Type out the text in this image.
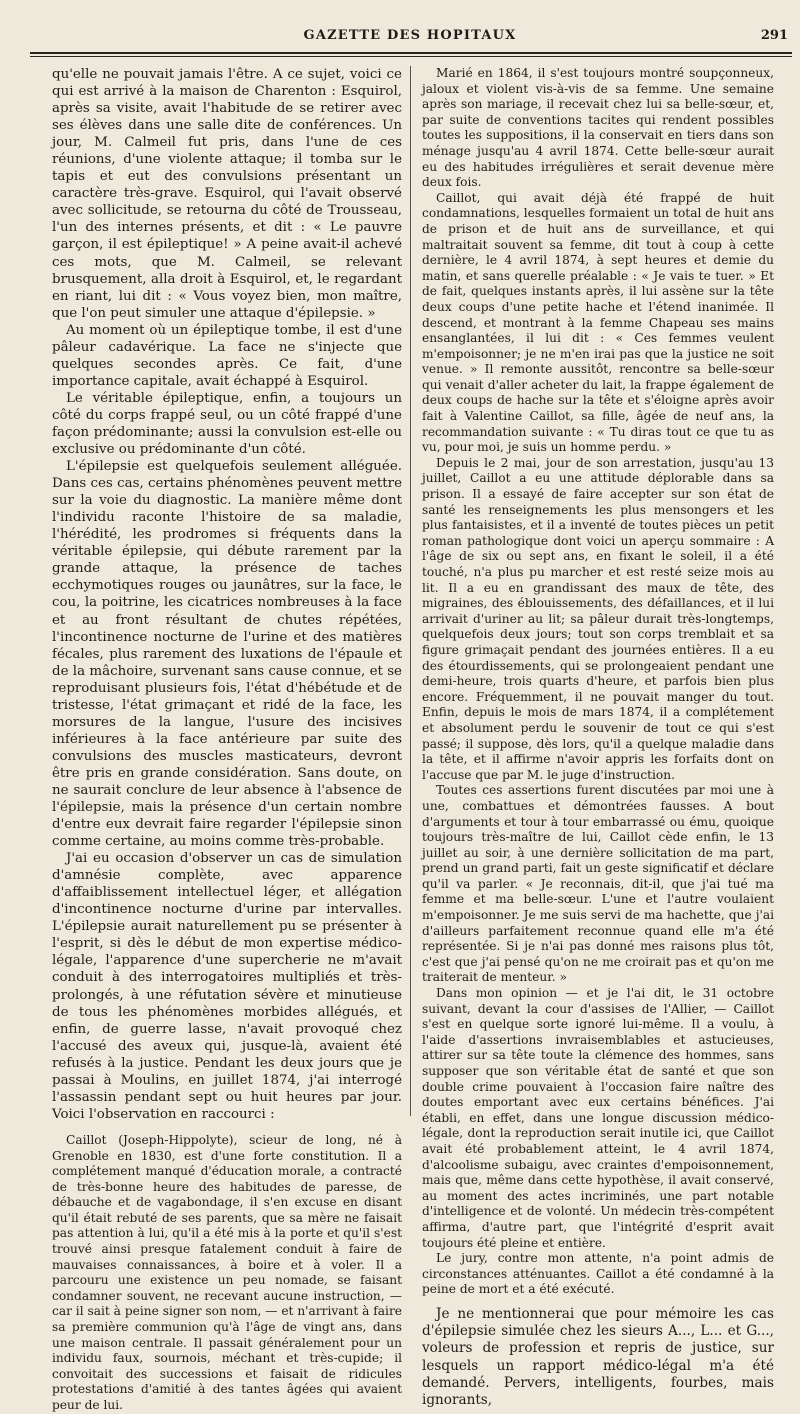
GAZETTE DES HOPITAUX	291

qu'elle ne pouvait jamais l'être. A ce sujet, voici ce qui est arrivé à la maison de Charenton : Esquirol, après sa visite, avait l'habitude de se retirer avec ses élèves dans une salle dite de conférences. Un jour, M. Calmeil fut pris, dans l'une de ces réunions, d'une violente attaque; il tomba sur le tapis et eut des convulsions présentant un caractère très-grave. Esquirol, qui l'avait observé avec sollicitude, se retourna du côté de Trousseau, l'un des internes présents, et dit : « Le pauvre garçon, il est épileptique! » A peine avait-il achevé ces mots, que M. Calmeil, se relevant brusquement, alla droit à Esquirol, et, le regardant en riant, lui dit : « Vous voyez bien, mon maître, que l'on peut simuler une attaque d'épilepsie. »

Au moment où un épileptique tombe, il est d'une pâleur cadavérique. La face ne s'injecte que quelques secondes après. Ce fait, d'une importance capitale, avait échappé à Esquirol.

Le véritable épileptique, enfin, a toujours un côté du corps frappé seul, ou un côté frappé d'une façon prédominante; aussi la convulsion est-elle ou exclusive ou prédominante d'un côté.

L'épilepsie est quelquefois seulement alléguée. Dans ces cas, certains phénomènes peuvent mettre sur la voie du diagnostic. La manière même dont l'individu raconte l'histoire de sa maladie, l'hérédité, les prodromes si fréquents dans la véritable épilepsie, qui débute rarement par la grande attaque, la présence de taches ecchymotiques rouges ou jaunâtres, sur la face, le cou, la poitrine, les cicatrices nombreuses à la face et au front résultant de chutes répétées, l'incontinence nocturne de l'urine et des matières fécales, plus rarement des luxations de l'épaule et de la mâchoire, survenant sans cause connue, et se reproduisant plusieurs fois, l'état d'hébétude et de tristesse, l'état grimaçant et ridé de la face, les morsures de la langue, l'usure des incisives inférieures à la face antérieure par suite des convulsions des muscles masticateurs, devront être pris en grande considération. Sans doute, on ne saurait conclure de leur absence à l'absence de l'épilepsie, mais la présence d'un certain nombre d'entre eux devrait faire regarder l'épilepsie sinon comme certaine, au moins comme très-probable.

J'ai eu occasion d'observer un cas de simulation d'amnésie complète, avec apparence d'affaiblissement intellectuel léger, et allégation d'incontinence nocturne d'urine par intervalles. L'épilepsie aurait naturellement pu se présenter à l'esprit, si dès le début de mon expertise médico-légale, l'apparence d'une supercherie ne m'avait conduit à des interrogatoires multipliés et très-prolongés, à une réfutation sévère et minutieuse de tous les phénomènes morbides allégués, et enfin, de guerre lasse, n'avait provoqué chez l'accusé des aveux qui, jusque-là, avaient été refusés à la justice. Pendant les deux jours que je passai à Moulins, en juillet 1874, j'ai interrogé l'assassin pendant sept ou huit heures par jour. Voici l'observation en raccourci :

Caillot (Joseph-Hippolyte), scieur de long, né à Grenoble en 1830, est d'une forte constitution. Il a complétement manqué d'éducation morale, a contracté de très-bonne heure des habitudes de paresse, de débauche et de vagabondage, il s'en excuse en disant qu'il était rebuté de ses parents, que sa mère ne faisait pas attention à lui, qu'il a été mis à la porte et qu'il s'est trouvé ainsi presque fatalement conduit à faire de mauvaises connaissances, à boire et à voler. Il a parcouru une existence un peu nomade, se faisant condamner souvent, ne recevant aucune instruction, — car il sait à peine signer son nom, — et n'arrivant à faire sa première communion qu'à l'âge de vingt ans, dans une maison centrale. Il passait généralement pour un individu faux, sournois, méchant et très-cupide; il convoitait des successions et faisait de ridicules protestations d'amitié à des tantes âgées qui avaient peur de lui.

Marié en 1864, il s'est toujours montré soupçonneux, jaloux et violent vis-à-vis de sa femme. Une semaine après son mariage, il recevait chez lui sa belle-sœur, et, par suite de conventions tacites qui rendent possibles toutes les suppositions, il la conservait en tiers dans son ménage jusqu'au 4 avril 1874. Cette belle-sœur aurait eu des habitudes irrégulières et serait devenue mère deux fois.

Caillot, qui avait déjà été frappé de huit condamnations, lesquelles formaient un total de huit ans de prison et de huit ans de surveillance, et qui maltraitait souvent sa femme, dit tout à coup à cette dernière, le 4 avril 1874, à sept heures et demie du matin, et sans querelle préalable : « Je vais te tuer. » Et de fait, quelques instants après, il lui assène sur la tête deux coups d'une petite hache et l'étend inanimée. Il descend, et montrant à la femme Chapeau ses mains ensanglantées, il lui dit : « Ces femmes veulent m'empoisonner; je ne m'en irai pas que la justice ne soit venue. » Il remonte aussitôt, rencontre sa belle-sœur qui venait d'aller acheter du lait, la frappe également de deux coups de hache sur la tête et s'éloigne après avoir fait à Valentine Caillot, sa fille, âgée de neuf ans, la recommandation suivante : « Tu diras tout ce que tu as vu, pour moi, je suis un homme perdu. »

Depuis le 2 mai, jour de son arrestation, jusqu'au 13 juillet, Caillot a eu une attitude déplorable dans sa prison. Il a essayé de faire accepter sur son état de santé les renseignements les plus mensongers et les plus fantaisistes, et il a inventé de toutes pièces un petit roman pathologique dont voici un aperçu sommaire : A l'âge de six ou sept ans, en fixant le soleil, il a été touché, n'a plus pu marcher et est resté seize mois au lit. Il a eu en grandissant des maux de tête, des migraines, des éblouissements, des défaillances, et il lui arrivait d'uriner au lit; sa pâleur durait très-longtemps, quelquefois deux jours; tout son corps tremblait et sa figure grimaçait pendant des journées entières. Il a eu des étourdissements, qui se prolongeaient pendant une demi-heure, trois quarts d'heure, et parfois bien plus encore. Fréquemment, il ne pouvait manger du tout. Enfin, depuis le mois de mars 1874, il a complétement et absolument perdu le souvenir de tout ce qui s'est passé; il suppose, dès lors, qu'il a quelque maladie dans la tête, et il affirme n'avoir appris les forfaits dont on l'accuse que par M. le juge d'instruction.

Toutes ces assertions furent discutées par moi une à une, combattues et démontrées fausses. A bout d'arguments et tour à tour embarrassé ou ému, quoique toujours très-maître de lui, Caillot cède enfin, le 13 juillet au soir, à une dernière sollicitation de ma part, prend un grand parti, fait un geste significatif et déclare qu'il va parler. « Je reconnais, dit-il, que j'ai tué ma femme et ma belle-sœur. L'une et l'autre voulaient m'empoisonner. Je me suis servi de ma hachette, que j'ai d'ailleurs parfaitement reconnue quand elle m'a été représentée. Si je n'ai pas donné mes raisons plus tôt, c'est que j'ai pensé qu'on ne me croirait pas et qu'on me traiterait de menteur. »

Dans mon opinion — et je l'ai dit, le 31 octobre suivant, devant la cour d'assises de l'Allier, — Caillot s'est en quelque sorte ignoré lui-même. Il a voulu, à l'aide d'assertions invraisemblables et astucieuses, attirer sur sa tête toute la clémence des hommes, sans supposer que son véritable état de santé et que son double crime pouvaient à l'occasion faire naître des doutes emportant avec eux certains bénéfices. J'ai établi, en effet, dans une longue discussion médico-légale, dont la reproduction serait inutile ici, que Caillot avait été probablement atteint, le 4 avril 1874, d'alcoolisme subaigu, avec craintes d'empoisonnement, mais que, même dans cette hypothèse, il avait conservé, au moment des actes incriminés, une part notable d'intelligence et de volonté. Un médecin très-compétent affirma, d'autre part, que l'intégrité d'esprit avait toujours été pleine et entière.

Le jury, contre mon attente, n'a point admis de circonstances atténuantes. Caillot a été condamné à la peine de mort et a été exécuté.

Je ne mentionnerai que pour mémoire les cas d'épilepsie simulée chez les sieurs A..., L... et G..., voleurs de profession et repris de justice, sur lesquels un rapport médico-légal m'a été demandé. Pervers, intelligents, fourbes, mais ignorants,
